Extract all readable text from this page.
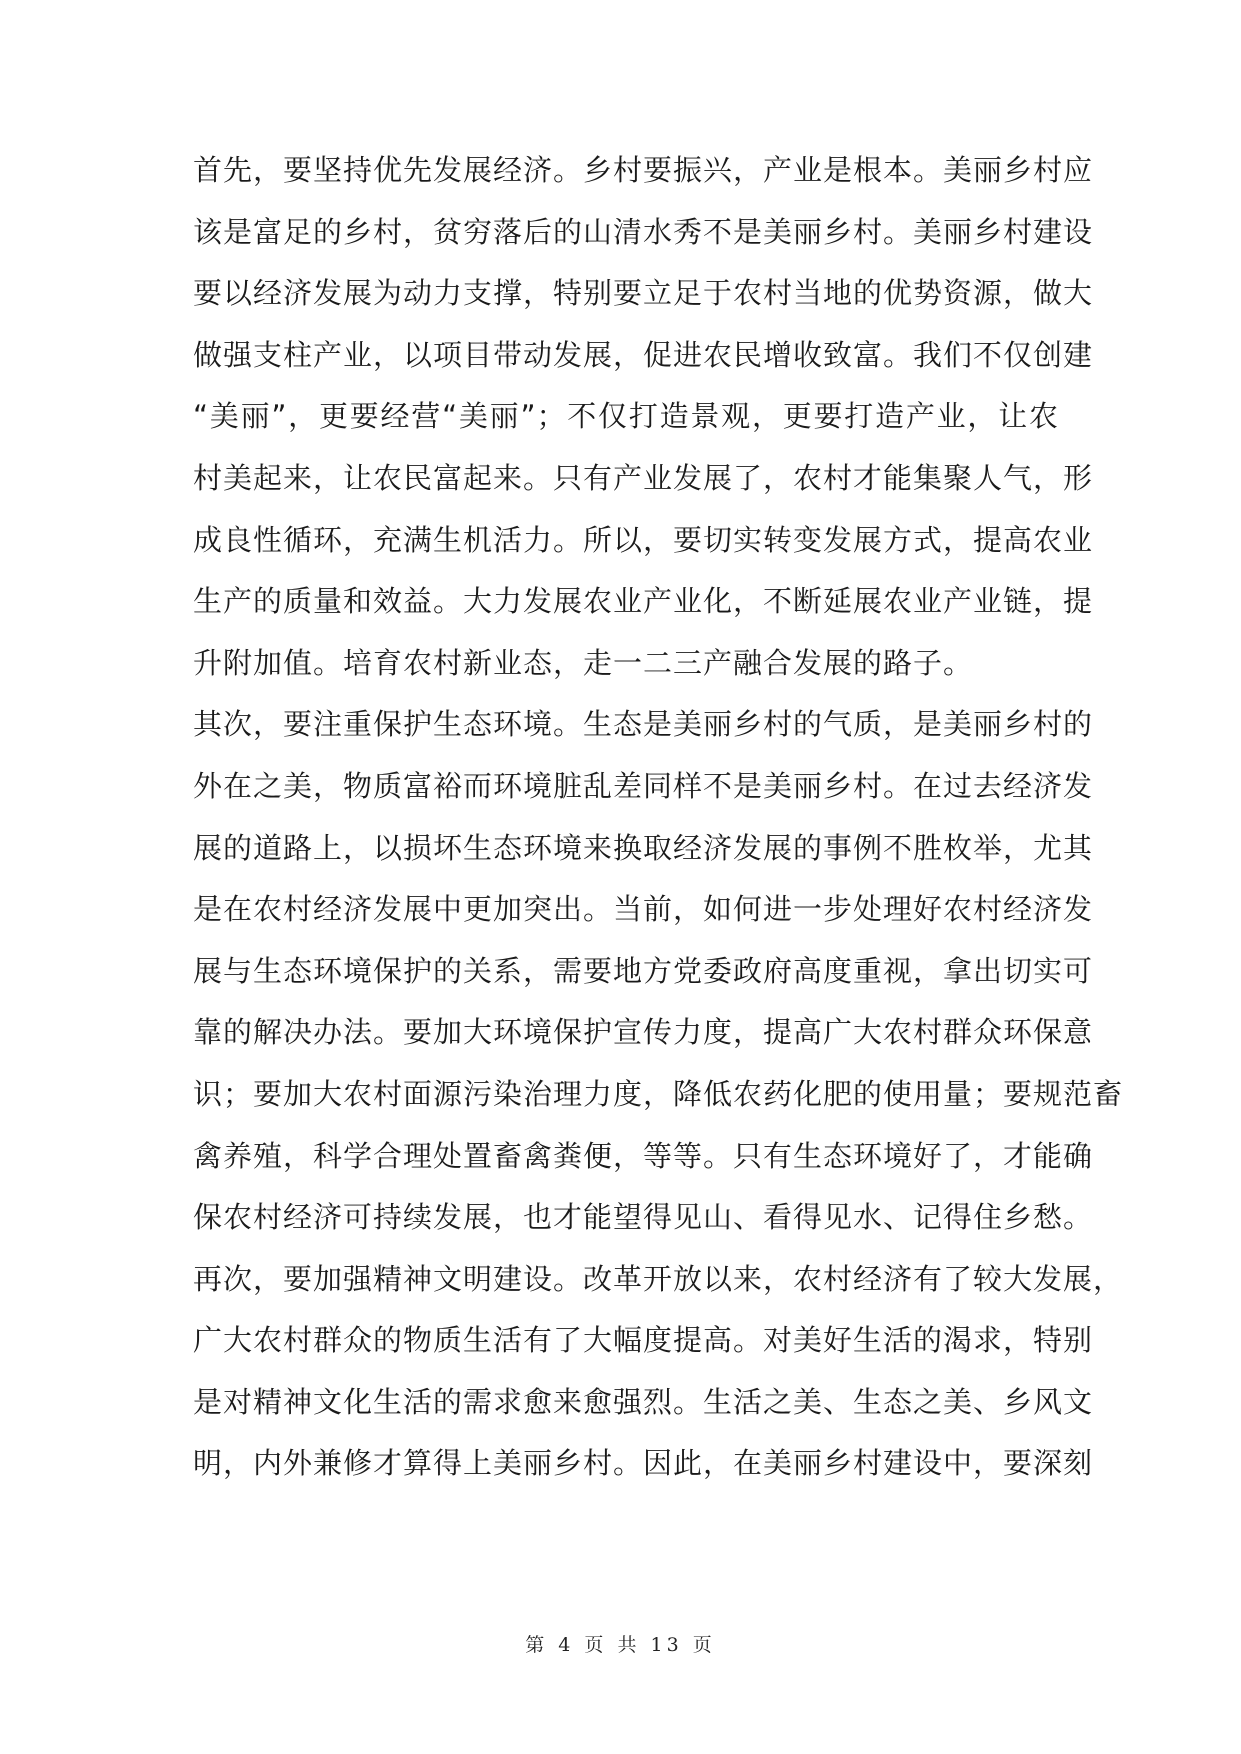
首先，要坚持优先发展经济。乡村要振兴，产业是根本。美丽乡村应
该是富足的乡村，贫穷落后的山清水秀不是美丽乡村。美丽乡村建设
要以经济发展为动力支撑，特别要立足于农村当地的优势资源，做大
做强支柱产业，以项目带动发展，促进农民增收致富。我们不仅创建
“美丽”，更要经营“美丽”；不仅打造景观，更要打造产业，让农
村美起来，让农民富起来。只有产业发展了，农村才能集聚人气，形
成良性循环，充满生机活力。所以，要切实转变发展方式，提高农业
生产的质量和效益。大力发展农业产业化，不断延展农业产业链，提
升附加值。培育农村新业态，走一二三产融合发展的路子。
其次，要注重保护生态环境。生态是美丽乡村的气质，是美丽乡村的
外在之美，物质富裕而环境脏乱差同样不是美丽乡村。在过去经济发
展的道路上，以损坏生态环境来换取经济发展的事例不胜枚举，尤其
是在农村经济发展中更加突出。当前，如何进一步处理好农村经济发
展与生态环境保护的关系，需要地方党委政府高度重视，拿出切实可
靠的解决办法。要加大环境保护宣传力度，提高广大农村群众环保意
识；要加大农村面源污染治理力度，降低农药化肥的使用量；要规范畜
禽养殖，科学合理处置畜禽粪便，等等。只有生态环境好了，才能确
保农村经济可持续发展，也才能望得见山、看得见水、记得住乡愁。
再次，要加强精神文明建设。改革开放以来，农村经济有了较大发展，
广大农村群众的物质生活有了大幅度提高。对美好生活的渴求，特别
是对精神文化生活的需求愈来愈强烈。生活之美、生态之美、乡风文
明，内外兼修才算得上美丽乡村。因此，在美丽乡村建设中，要深刻
第 4 页 共 13 页
